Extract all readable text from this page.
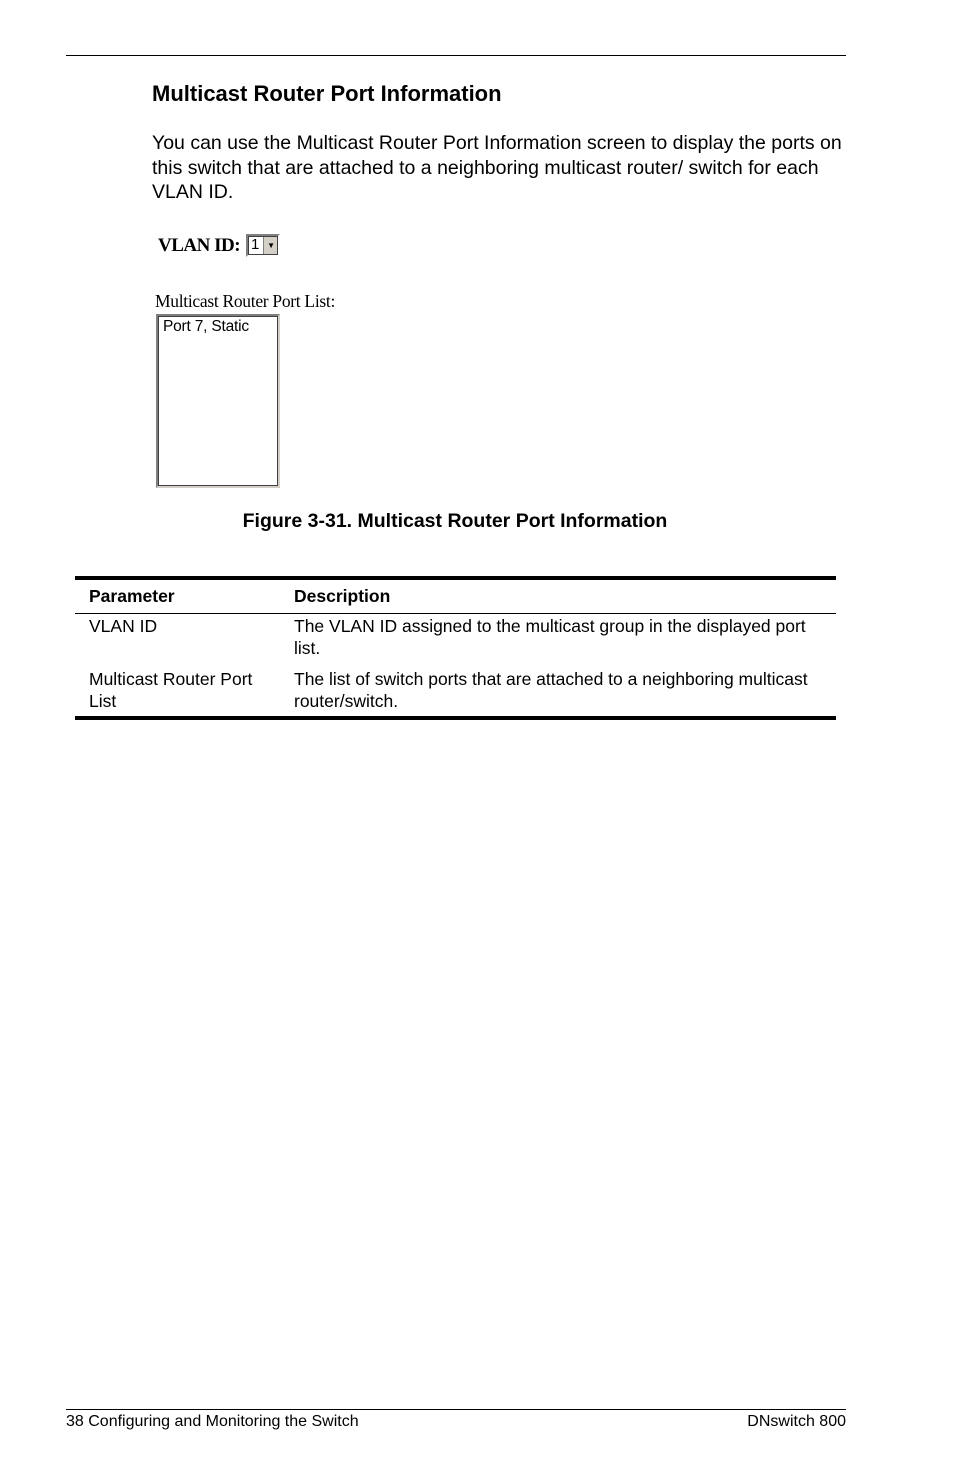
Multicast Router Port Information

You can use the Multicast Router Port Information screen to display the ports on this switch that are attached to a neighboring multicast router/ switch for each VLAN ID.

VLAN ID: 1 ▼
Multicast Router Port List:
Port 7, Static

Figure 3-31. Multicast Router Port Information

Parameter	Description
VLAN ID	The VLAN ID assigned to the multicast group in the displayed port list.
Multicast Router Port List	The list of switch ports that are attached to a neighboring multicast router/switch.
38 Configuring and Monitoring the Switch	DNswitch 800
